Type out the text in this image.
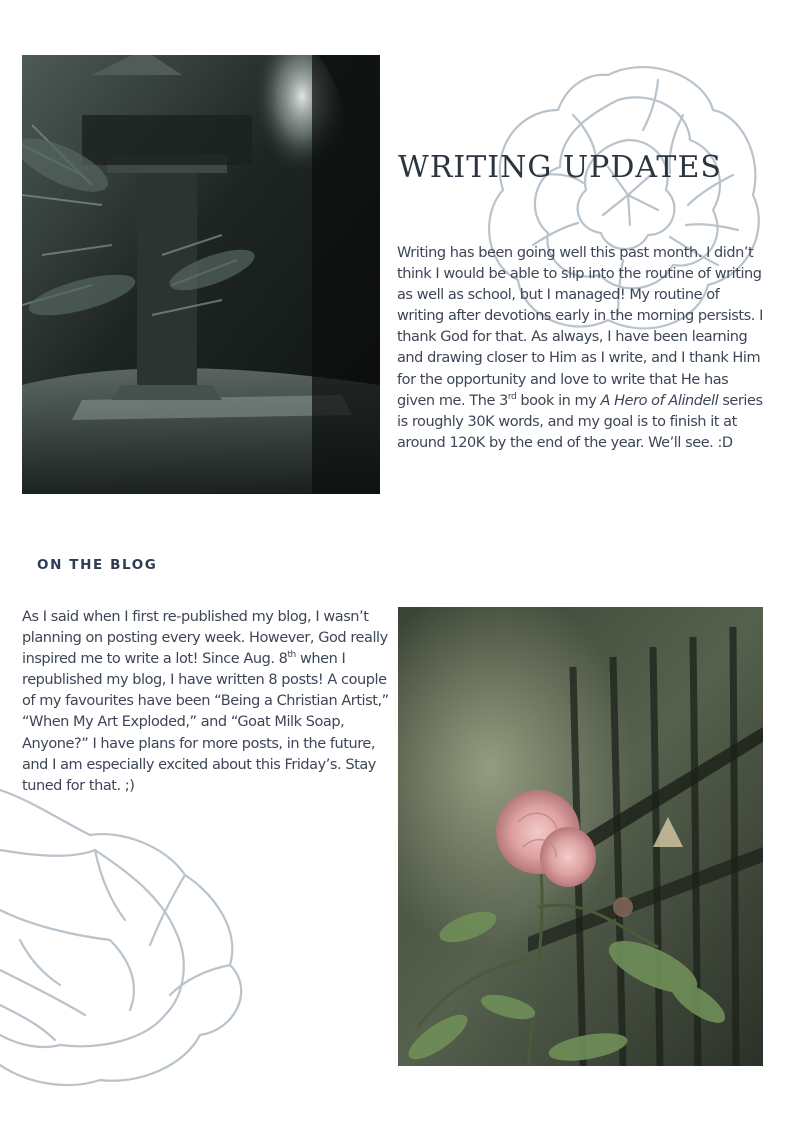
WRITING UPDATES

Writing has been going well this past month. I didn’t think I would be able to slip into the routine of writing as well as school, but I managed! My routine of writing after devotions early in the morning persists. I thank God for that. As always, I have been learning and drawing closer to Him as I write, and I thank Him for the opportunity and love to write that He has given me. The 3rd book in my A Hero of Alindell series is roughly 30K words, and my goal is to finish it at around 120K by the end of the year. We’ll see. :D

ON THE BLOG

As I said when I first re-published my blog, I wasn’t planning on posting every week. However, God really inspired me to write a lot! Since Aug. 8th when I republished my blog, I have written 8 posts! A couple of my favourites have been “Being a Christian Artist,” “When My Art Exploded,” and “Goat Milk Soap, Anyone?” I have plans for more posts, in the future, and I am especially excited about this Friday’s. Stay tuned for that. ;)
